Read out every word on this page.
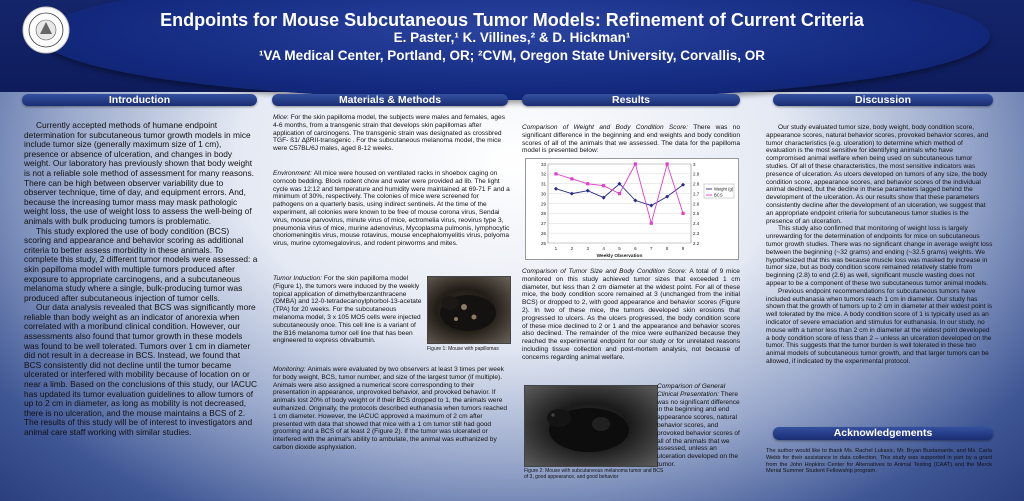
Endpoints for Mouse Subcutaneous Tumor Models: Refinement of Current Criteria
E. Paster,¹ K. Villines,² & D. Hickman¹
¹VA Medical Center, Portland, OR; ²CVM, Oregon State University, Corvallis, OR
Introduction

Currently accepted methods of humane endpoint determination for subcutaneous tumor growth models in mice include tumor size (generally maximum size of 1 cm), presence or absence of ulceration, and changes in body weight. Our laboratory has previously shown that body weight is not a reliable sole method of assessment for many reasons. There can be high between observer variability due to observer technique, time of day, and equipment errors. And, because the increasing tumor mass may mask pathologic weight loss, the use of weight loss to assess the well-being of animals with bulk producing tumors is problematic.

This study explored the use of body condition (BCS) scoring and appearance and behavior scoring as additional criteria to better assess morbidity in these animals. To complete this study, 2 different tumor models were assessed: a skin papilloma model with multiple tumors produced after exposure to appropriate carcinogens, and a subcutaneous melanoma study where a single, bulk-producing tumor was produced after subcutaneous injection of tumor cells.

Our data analysis revealed that BCS was significantly more reliable than body weight as an indicator of anorexia when correlated with a moribund clinical condition. However, our assessments also found that tumor growth in these models was found to be well tolerated. Tumors over 1 cm in diameter did not result in a decrease in BCS. Instead, we found that BCS consistently did not decline until the tumor became ulcerated or interfered with mobility because of location on or near a limb. Based on the conclusions of this study, our IACUC has updated its tumor evaluation guidelines to allow tumors of up to 2 cm in diameter, as long as mobility is not decreased, there is no ulceration, and the mouse maintains a BCS of 2. The results of this study will be of interest to investigators and animal care staff working with similar studies.

Materials & Methods
Mice: For the skin papilloma model, the subjects were males and females, ages 4-6 months, from a transgenic strain that develops skin papillomas after application of carcinogens. The transgenic strain was designated as crossbred TGF- ß1/ ΔβRII-transgenic . For the subcutaneous melanoma model, the mice were C57BL/6J males, aged 8-12 weeks.
Environment: All mice were housed on ventilated racks in shoebox caging on corncob bedding. Block rodent chow and water were provided ad lib. The light cycle was 12:12 and temperature and humidity were maintained at 69-71 F and a minimum of 30%, respectively. The colonies of mice were screened for pathogens on a quarterly basis, using indirect sentinels. At the time of the experiment, all colonies were known to be free of mouse corona virus, Sendai virus, mouse parvovirus, minute virus of mice, ectromelia virus, reovirus type 3, pneumonia virus of mice, murine adenovirus, Mycoplasma pulmonis, lymphocytic choriomeningitis virus, mouse rotavirus, mouse encephalomyelitis virus, polyoma virus, murine cytomegalovirus, and rodent pinworms and mites.
Tumor Induction: For the skin papilloma model (Figure 1), the tumors were induced by the weekly topical application of dimethylbenzanthracene (DMBA) and 12-0-tetradecanoylphorbol-13-acetate (TPA) for 20 weeks. For the subcutaneous melanoma model, 3 x 105 MO5 cells were injected subcutaneously once. This cell line is a variant of the B16 melanoma tumor cell line that has been engineered to express obvalbumin.
Figure 1: Mouse with papillomas
Monitoring: Animals were evaluated by two observers at least 3 times per week for body weight, BCS, tumor number, and size of the largest tumor (if multiple). Animals were also assigned a numerical score corresponding to their presentation in appearance, unprovoked behavior, and provoked behavior. If animals lost 20% of body weight or if their BCS dropped to 1, the animals were euthanized. Originally, the protocols described euthanasia when tumors reached 1 cm diameter. However, the IACUC approved a maximum of 2 cm after presented with data that showed that mice with a 1 cm tumor still had good grooming and a BCS of at least 2 (Figure 2). If the tumor was ulcerated or interfered with the animal's ability to ambulate, the animal was euthanized by carbon dioxide asphyxiation.
Results
Comparison of Weight and Body Condition Score: There was no significant difference in the beginning and end weights and body condition scores of all of the animals that we assessed. The data for the papilloma model is presented below:
25
26
27
28
29
30
31
32
33
2.2
2.3
2.4
2.5
2.6
2.7
2.8
2.9
3
1	2	3	4	5	6	7	8	9
Weekly Observation
Weight (g)
BCS
Comparison of Tumor Size and Body Condition Score: A total of 9 mice monitored on this study achieved tumor sizes that exceeded 1 cm diameter, but less than 2 cm diameter at the widest point. For all of these mice, the body condition score remained at 3 (unchanged from the initial BCS) or dropped to 2, with good appearance and behavior scores (Figure 2). In two of these mice, the tumors developed skin erosions that progressed to ulcers. As the ulcers progressed, the body condition score of these mice declined to 2 or 1 and the appearance and behavior scores also declined. The remainder of the mice were euthanized because they reached the experimental endpoint for our study or for unrelated reasons including tissue collection and post-mortem analysis, not because of concerns regarding animal welfare.
Figure 2: Mouse with subcutaneous melanoma tumor and BCS of 3, good appearance, and good behavior
Comparison of General Clinical Presentation: There was no significant difference in the beginning and end appearance scores, natural behavior scores, and provoked behavior scores of all of the animals that we assessed, unless an ulceration developed on the tumor.
Discussion

Our study evaluated tumor size, body weight, body condition score, appearance scores, natural behavior scores, provoked behavior scores, and tumor characteristics (e.g. ulceration) to determine which method of evaluation is the most sensitive for identifying animals who have compromised animal welfare when being used on subcutaneous tumor studies. Of all of these characteristics, the most sensitive indicators was presence of ulceration. As ulcers developed on tumors of any size, the body condition score, appearance scores, and behavior scores of the individual animal declined, but the decline in these parameters lagged behind the development of the ulceration. As our results show that these parameters consistently decline after the development of an ulceration, we suggest that an appropriate endpoint criteria for subcutaneous tumor studies is the presence of an ulceration.

This study also confirmed that monitoring of weight loss is largely unrewarding for the determination of endpoints for mice on subcutaneous tumor growth studies. There was no significant change in average weight loss between the beginning (~32 grams) and ending (~32.5 grams) weights. We hypothesized that this was because muscle loss was masked by increase in tumor size, but as body condition score remained relatively stable from beginning (2.8) to end (2.6) as well, significant muscle wasting does not appear to be a component of these two subcutaneous tumor animal models.

Previous endpoint recommendations for subcutaneous tumors have included euthanasia when tumors reach 1 cm in diameter. Our study has shown that the growth of tumors up to 2 cm in diameter at their widest point is well tolerated by the mice. A body condition score of 1 is typically used as an indicator of severe emaciation and stimulus for euthanasia. In our study, no mouse with a tumor less than 2 cm in diameter at the widest point developed a body condition score of less than 2 – unless an ulceration developed on the tumor. This suggests that the tumor burden is well tolerated in these two animal models of subcutaneous tumor growth, and that larger tumors can be allowed, if indicated by the experimental protocol.

Acknowledgements
The author would like to thank Ms. Rachel Lukasic, Mr. Bryan Bustamante, and Ms. Carla Webb for their assistance in data collection. This study was supported in part by a grant from the John Hopkins Center for Alternatives to Animal Testing (CAAT) and the Merck Merial Summer Student Fellowship program.
